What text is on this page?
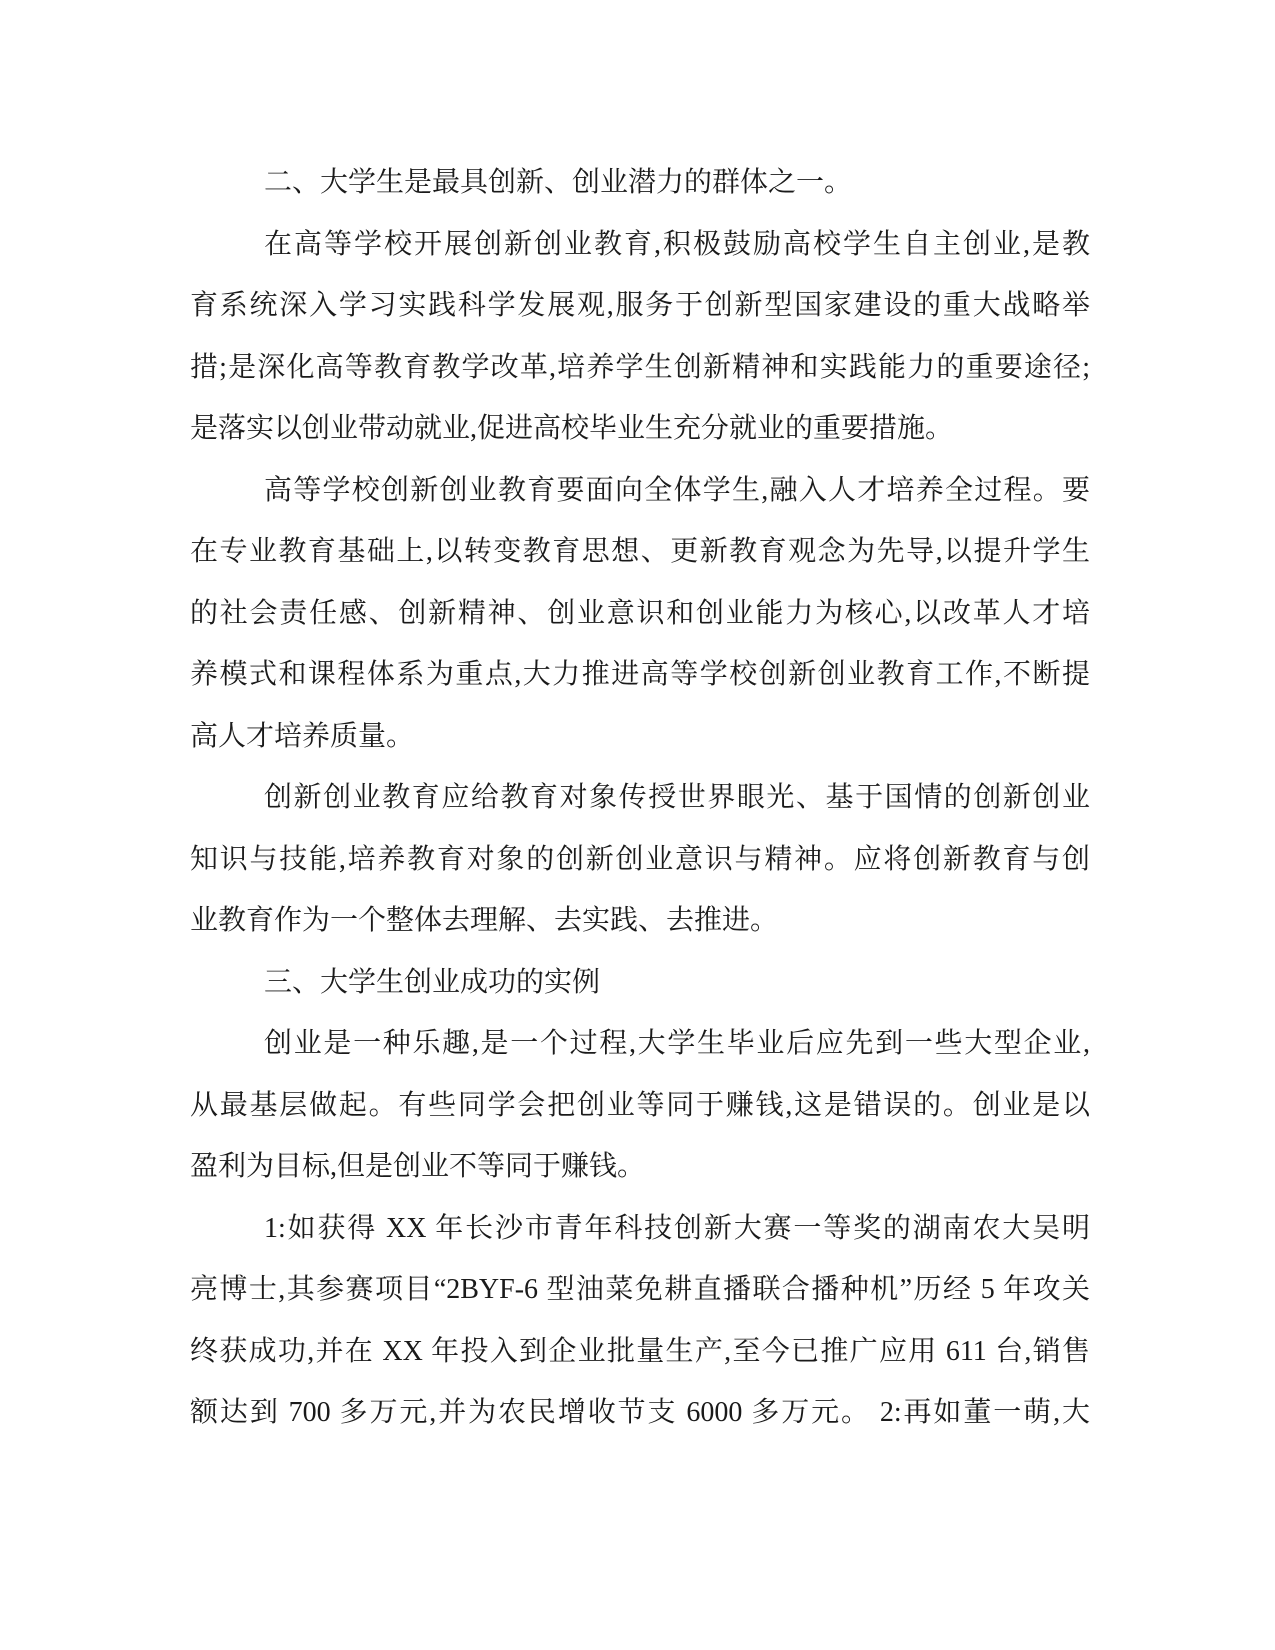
二、大学生是最具创新、创业潜力的群体之一。
在高等学校开展创新创业教育,积极鼓励高校学生自主创业,是教
育系统深入学习实践科学发展观,服务于创新型国家建设的重大战略举
措;是深化高等教育教学改革,培养学生创新精神和实践能力的重要途径;
是落实以创业带动就业,促进高校毕业生充分就业的重要措施。
高等学校创新创业教育要面向全体学生,融入人才培养全过程。要
在专业教育基础上,以转变教育思想、更新教育观念为先导,以提升学生
的社会责任感、创新精神、创业意识和创业能力为核心,以改革人才培
养模式和课程体系为重点,大力推进高等学校创新创业教育工作,不断提
高人才培养质量。
创新创业教育应给教育对象传授世界眼光、基于国情的创新创业
知识与技能,培养教育对象的创新创业意识与精神。应将创新教育与创
业教育作为一个整体去理解、去实践、去推进。
三、大学生创业成功的实例
创业是一种乐趣,是一个过程,大学生毕业后应先到一些大型企业,
从最基层做起。有些同学会把创业等同于赚钱,这是错误的。创业是以
盈利为目标,但是创业不等同于赚钱。
1:如获得 XX 年长沙市青年科技创新大赛一等奖的湖南农大吴明
亮博士,其参赛项目“2BYF-6 型油菜免耕直播联合播种机”历经 5 年攻关
终获成功,并在 XX 年投入到企业批量生产,至今已推广应用 611 台,销售
额达到 700 多万元,并为农民增收节支 6000 多万元。 2:再如董一萌,大
